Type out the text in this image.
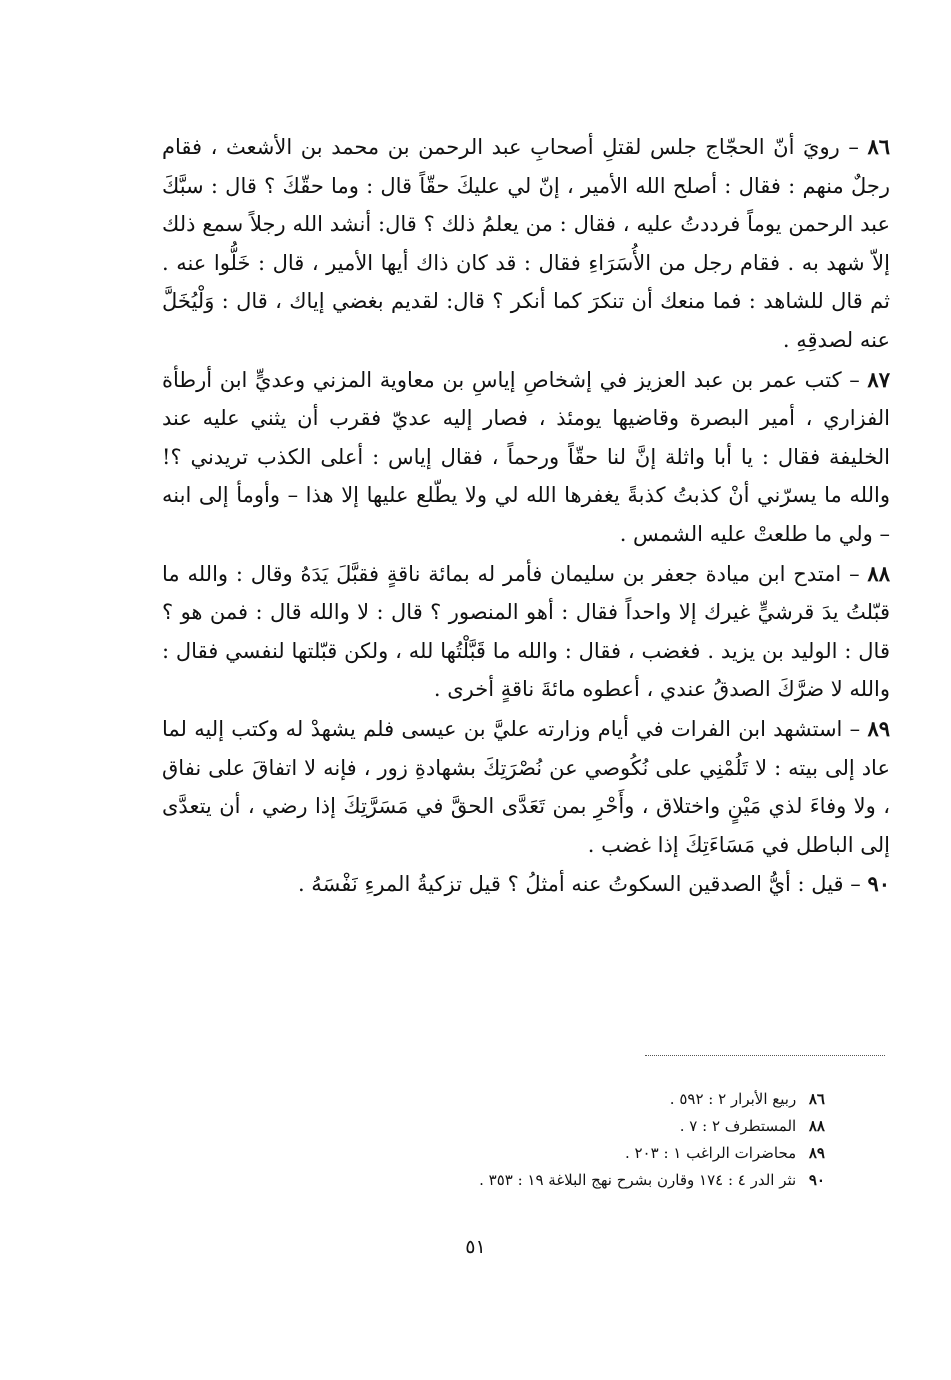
٨٦ – رويَ أنّ الحجّاج جلس لقتلِ أصحابِ عبد الرحمن بن محمد بن الأشعث ، فقام رجلٌ منهم : فقال : أصلح الله الأمير ، إنّ لي عليكَ حقّاً قال : وما حقّكَ ؟ قال : سبَّكَ عبد الرحمن يوماً فرددتُ عليه ، فقال : من يعلمُ ذلك ؟ قال: أنشد الله رجلاً سمع ذلك إلاّ شهد به . فقام رجل من الأُسَرَاءِ فقال : قد كان ذاك أيها الأمير ، قال : خَلُّوا عنه . ثم قال للشاهد : فما منعك أن تنكرَ كما أنكر ؟ قال: لقديم بغضي إياك ، قال : وَلْيُخَلَّ عنه لصدقِهِ .

٨٧ – كتب عمر بن عبد العزيز في إشخاصِ إياسِ بن معاوية المزني وعديٍّ ابن أرطأة الفزاري ، أمير البصرة وقاضيها يومئذ ، فصار إليه عديّ فقرب أن يثني عليه عند الخليفة فقال : يا أبا واثلة إنَّ لنا حقّاً ورحماً ، فقال إياس : أعلى الكذب تريدني ؟! والله ما يسرّني أنْ كذبتُ كذبةً يغفرها الله لي ولا يطّلع عليها إلا هذا – وأومأ إلى ابنه – ولي ما طلعتْ عليه الشمس .

٨٨ – امتدح ابن ميادة جعفر بن سليمان فأمر له بمائة ناقةٍ فقبَّلَ يَدَهُ وقال : والله ما قبّلتُ يدَ قرشيٍّ غيرك إلا واحداً فقال : أهو المنصور ؟ قال : لا والله قال : فمن هو ؟ قال : الوليد بن يزيد . فغضب ، فقال : والله ما قَبَّلْتُها لله ، ولكن قبّلتها لنفسي فقال : والله لا ضرَّكَ الصدقُ عندي ، أعطوه مائةَ ناقةٍ أخرى .

٨٩ – استشهد ابن الفرات في أيام وزارته عليَّ بن عيسى فلم يشهدْ له وكتب إليه لما عاد إلى بيته : لا تَلُمْنِي على نُكُوصي عن نُصْرَتِكَ بشهادةِ زور ، فإنه لا اتفاقَ على نفاق ، ولا وفاءَ لذي مَيْنٍ واختلاق ، وأَحْرِ بمن تَعَدَّى الحقَّ في مَسَرَّتِكَ إذا رضي ، أن يتعدَّى إلى الباطل في مَسَاءَتِكَ إذا غضب .

٩٠ – قيل : أيُّ الصدقين السكوتُ عنه أمثلُ ؟ قيل تزكيةُ المرءِ نَفْسَهُ .

٨٦ ربيع الأبرار ٢ : ٥٩٢ .
٨٨ المستطرف ٢ : ٧ .
٨٩ محاضرات الراغب ١ : ٢٠٣ .
٩٠ نثر الدر ٤ : ١٧٤ وقارن بشرح نهج البلاغة ١٩ : ٣٥٣ .
٥١
